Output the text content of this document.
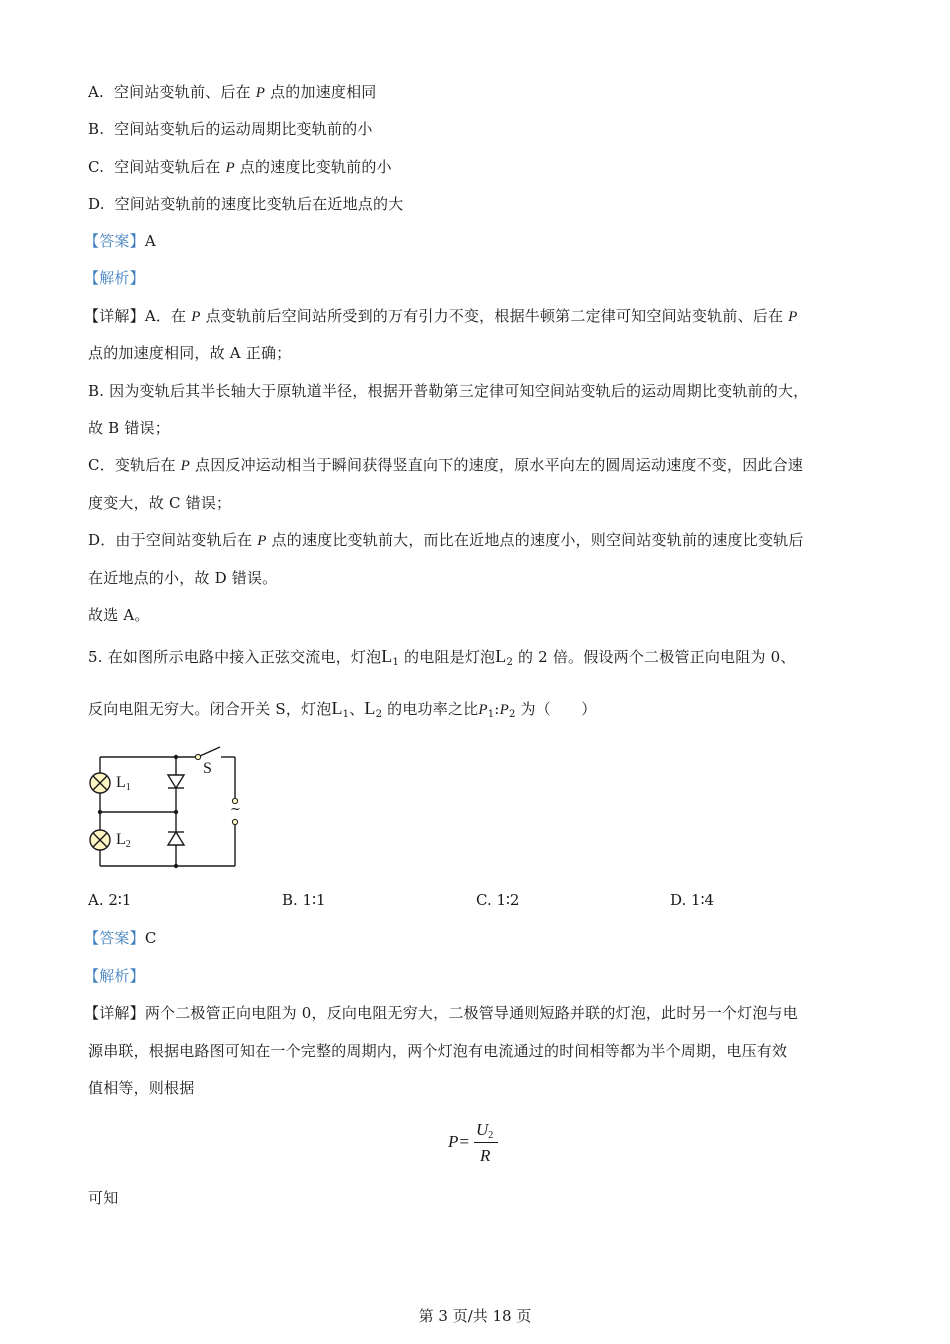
A. 空间站变轨前、后在 P 点的加速度相同
B. 空间站变轨后的运动周期比变轨前的小
C. 空间站变轨后在 P 点的速度比变轨前的小
D. 空间站变轨前的速度比变轨后在近地点的大
【答案】A
【解析】
【详解】A．在 P 点变轨前后空间站所受到的万有引力不变，根据牛顿第二定律可知空间站变轨前、后在 P
点的加速度相同，故 A 正确；
B. 因为变轨后其半长轴大于原轨道半径，根据开普勒第三定律可知空间站变轨后的运动周期比变轨前的大，
故 B 错误；
C．变轨后在 P 点因反冲运动相当于瞬间获得竖直向下的速度，原水平向左的圆周运动速度不变，因此合速
度变大，故 C 错误；
D．由于空间站变轨后在 P 点的速度比变轨前大，而比在近地点的速度小，则空间站变轨前的速度比变轨后
在近地点的小，故 D 错误。
故选 A。
5. 在如图所示电路中接入正弦交流电，灯泡$L_1$ 的电阻是灯泡$L_2$ 的 2 倍。假设两个二极管正向电阻为 0、
反向电阻无穷大。闭合开关 S，灯泡$L_1$、$L_2$ 的电功率之比$P_1:P_2$ 为（　　）
$L_1$
$L_2$
S
~
A. 2∶1	B. 1∶1	C. 1∶2	D. 1∶4
【答案】C
【解析】
【详解】两个二极管正向电阻为 0，反向电阻无穷大，二极管导通则短路并联的灯泡，此时另一个灯泡与电
源串联，根据电路图可知在一个完整的周期内，两个灯泡有电流通过的时间相等都为半个周期，电压有效
值相等，则根据
P=
$U_2$
R
可知
第 3 页/共 18 页
